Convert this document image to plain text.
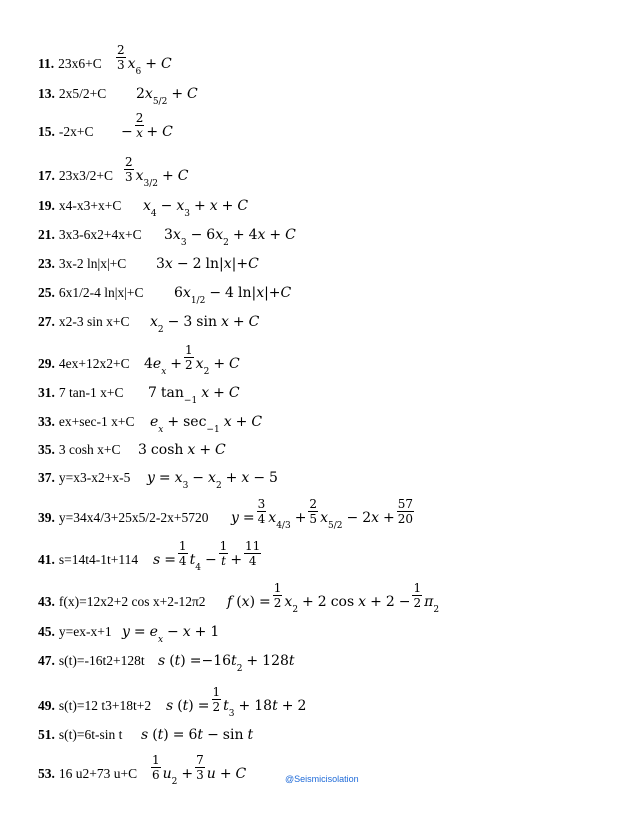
11. $23x6+C \frac{2}{3}$ x 6 + C
13. 2x5/2+C 2 x 5/2 + C
15. $-2x+C - \frac{2}{x} + C$
17. $23x3/2+C \frac{2}{3}$ x 3/2 + C
19. x4-x3+x+C x 4 − x 3 + x + C
21. 3x3-6x2+4x+C 3 x 3 − 6 x 2 + 4 x + C
23. 3x-2 ln|x|+C 3 x − 2 ln| x |+ C
25. 6x1/2-4 ln|x|+C 6 x 1/2 − 4 ln| x |+ C
27. x2-3 sin x+C x 2 − 3 sin x + C
29. 4ex+12x2+C 4 e $x + \frac{1}{2}$ x 2 + C
31. 7 tan-1 x+C 7 tan −1 x + C
33. ex+sec-1 x+C e x + sec −1 x + C
35. 3 cosh x+C 3 cosh x + C
37. y=x3-x2+x-5 y = x 3 − x 2 + x − 5
39. y=34x4/3+25x5/2-2x+5720 $y = \frac{3}{4}$ x $4/3 + \frac{2}{5}$ x 5/2 − 2 $x + \frac{57}{20}$
41. s=14t4-1t+114 $s = \frac{1}{4}$ t $4 - \frac{1}{t} + \frac{11}{4}$
43. f(x)=12x2+2 cos x+2-12π2 f ( x ) = $\frac{1}{2}$ x 2 + 2 $\cos x + 2 - \frac{1}{2}$ π 2
45. y=ex-x+1 y = e x − x + 1
47. s(t)=-16t2+128t s ( t ) =−16 t 2 + 128 t
49. s(t)=12 t3+18t+2 s ( t ) = $\frac{1}{2}$ t 3 + 18 t + 2
51. s(t)=6t-sin t s ( t ) = 6 t − sin t
53. 16 u2+73 $u+C \frac{1}{6}$ u $2 + \frac{7}{3}$ u + C	@Seismicisolation
